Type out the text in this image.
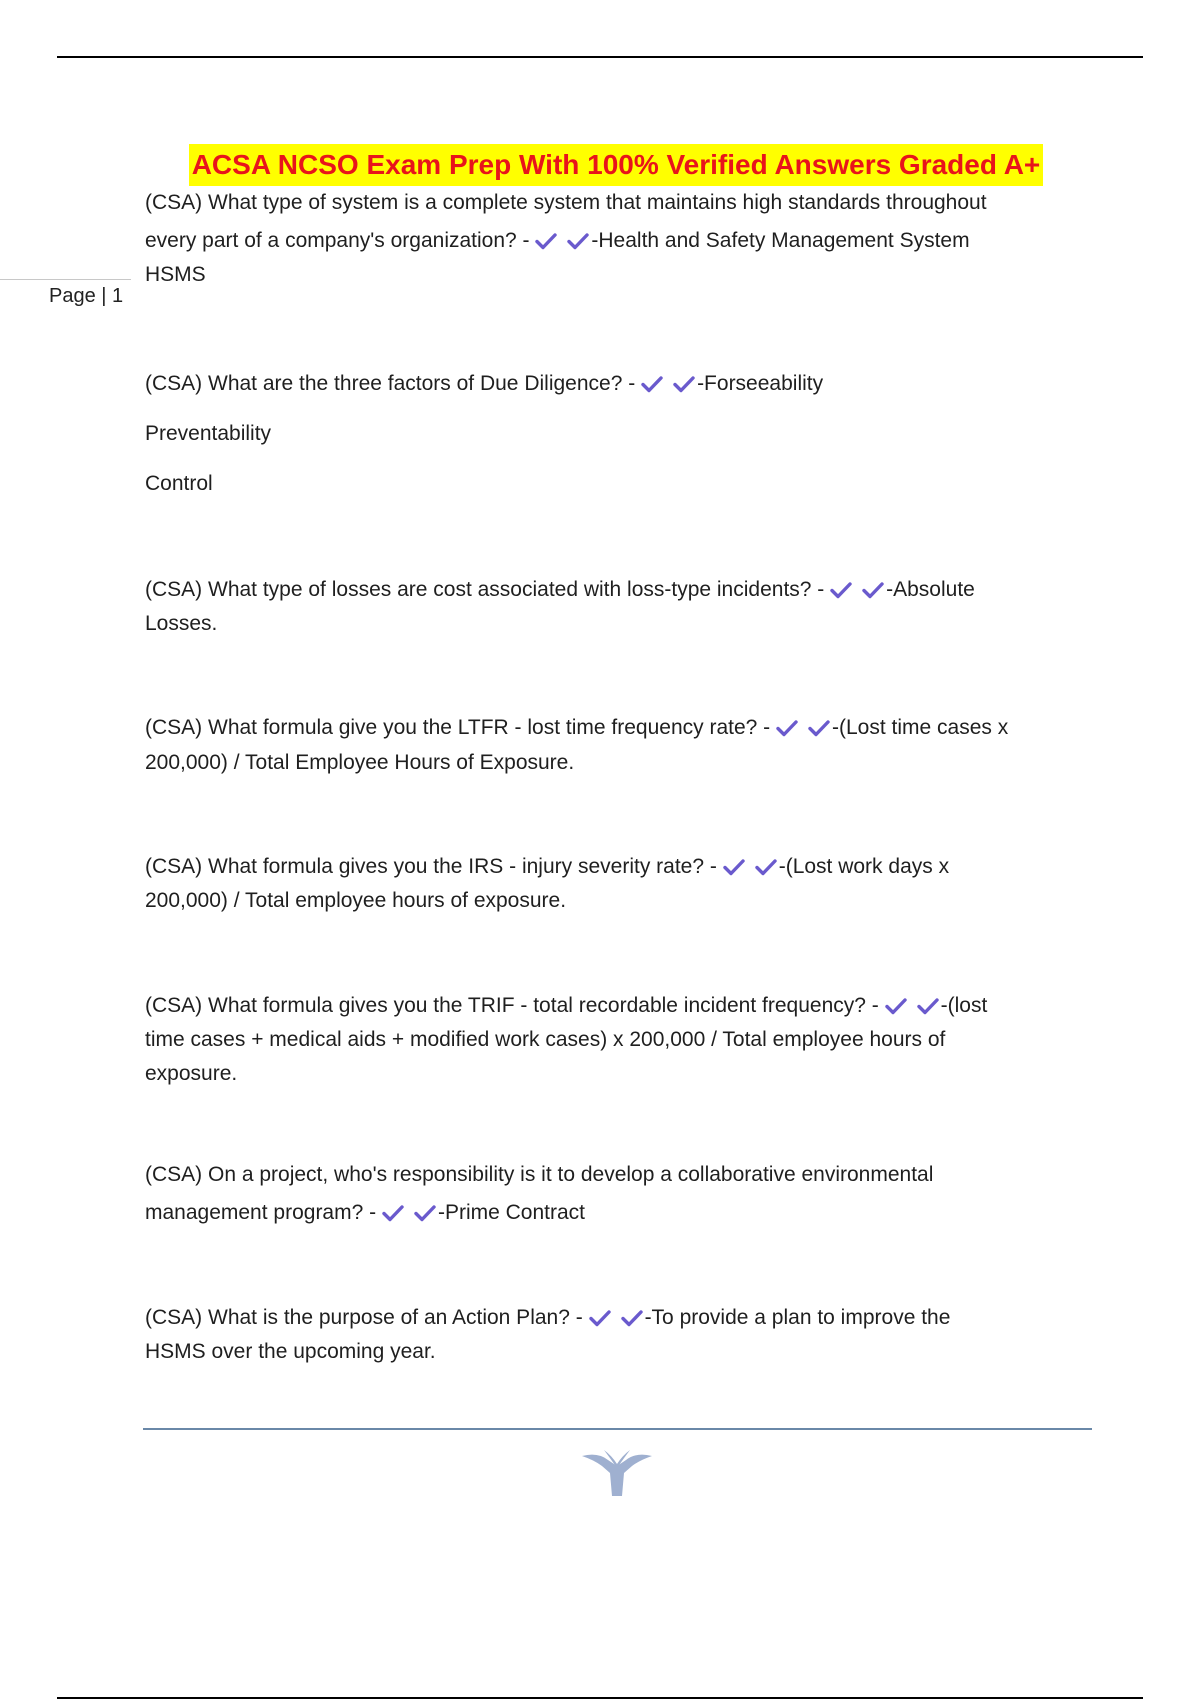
ACSA NCSO Exam Prep With 100% Verified Answers Graded A+
Page | 1

(CSA) What type of system is a complete system that maintains high standards throughout

every part of a company's organization? -	-Health and Safety Management System

HSMS

(CSA) What are the three factors of Due Diligence? -	-Forseeability

Preventability

Control

(CSA) What type of losses are cost associated with loss-type incidents? -	-Absolute

Losses.

(CSA) What formula give you the LTFR - lost time frequency rate? -	-(Lost time cases x

200,000) / Total Employee Hours of Exposure.

(CSA) What formula gives you the IRS - injury severity rate? -	-(Lost work days x

200,000) / Total employee hours of exposure.

(CSA) What formula gives you the TRIF - total recordable incident frequency? -	-(lost

time cases + medical aids + modified work cases) x 200,000 / Total employee hours of

exposure.

(CSA) On a project, who's responsibility is it to develop a collaborative environmental

management program? -	-Prime Contract

(CSA) What is the purpose of an Action Plan? -	-To provide a plan to improve the

HSMS over the upcoming year.
